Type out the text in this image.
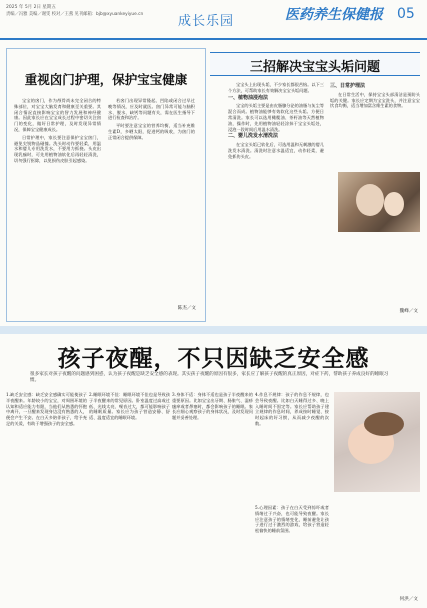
2025 年 5月 2日 星期五
责编／冯雅 美编／谢雯 校对／王燕 见刊邮箱：bjb@xyuankeyiyue.cn	成长乐园	医药养生保健报 05
重视囟门护理，保护宝宝健康

宝宝的囟门，作为颅骨尚未完全闭合的特殊部位，对宝宝大脑发育和健康至关重要。其闭合情况直接影响宝宝的智力发展和神经健康。因此家长应在宝宝成长过程中密切关注囟门的变化，做好日常护理，及时发现异常情况，保障宝宝健康成长。

日常护理中，家长要注意保护宝宝囟门，避免尖锐物品碰撞。洗头时动作要轻柔，用温水和婴儿专用洗发水，不要用力抓挠。头皮出现乳痂时，可先用植物油软化后再轻轻清洗，切勿强行抠除，以免损伤皮肤引起感染。

若囟门出现异常隆起、凹陷或闭合过早过晚等情况，应及时就医。囟门异常可能与脑积水、脱水、缺钙等问题有关，需在医生指导下进行检查和治疗。

平时要注意宝宝的营养均衡，适当补充维生素D，多晒太阳，促进钙的吸收，为囟门的正常闭合提供保障。

陈杰／文
三招解决宝宝头垢问题

宝宝头上出现头垢，不少家长都很苦恼。以下三个方法，可帮助家长有效解决宝宝头垢问题。

一、植物油浸泡法

宝宝的头垢主要是由皮脂腺分泌的油脂与灰尘等混合而成。植物油能够有效软化这些头垢。方便日常清洗。家长可以选用橄榄油、茶籽油等天然植物油，操作时，先用植物油轻轻涂抹于宝宝头垢处，浸泡一段时间后用温水清洗。

二、婴儿洗发水清洗法

在宝宝头垢已软化后，可选用温和无刺激的婴儿洗发水清洗。清洗时注意水温适宜，动作轻柔，避免抓伤头皮。

三、日常护理法

在日常生活中，保持宝宝头部清洁是预防头垢的关键。家长应定期为宝宝洗头，并注意宝宝饮食均衡，适当增加富含维生素的食物。

魏峰／文
孩子夜醒，不只因缺乏安全感
很多家长对孩子夜醒的问题感到困惑，认为孩子夜醒是缺乏安全感的表现。其实孩子夜醒的原因有很多，家长应了解孩子夜醒的真正原因，对症下药，帮助孩子养成良好的睡眠习惯。
1.缺乏安全感：缺乏安全感确实可能使孩子半夜醒来。年龄较小的宝宝，对周围环境的认知和适应能力有限，当他们从熟悉的怀抱中离开，一旦醒来发现身边没有熟悉的人，便会产生不安。在白天多陪伴孩子，给予充足的关爱，有助于增强孩子的安全感。
2.睡眠环境不佳：睡眠环境不佳也是导致孩子半夜醒来的常见原因。卧室温度过高或过低、光线太亮、噪音过大，都可能影响孩子的睡眠质量。家长应为孩子营造安静、舒适、温度适宜的睡眠环境。
3.身体不适：身体不适也是孩子半夜醒来的重要原因。比如宝宝出牙期、肠胀气、湿疹瘙痒或者鼻塞时，都会影响孩子的睡眠。家长应细心观察孩子的身体状况，及时发现问题并妥善处理。
4.作息不规律：孩子的作息不规律，也会导致夜醒。比如白天睡得过多、晚上入睡时间不固定等。家长应帮助孩子建立规律的作息时间，养成按时睡觉、按时起床的好习惯，从而减少夜醒的次数。
5.心理因素：孩子在白天受到惊吓或者情绪过于兴奋，也可能导致夜醒。家长应注意孩子的情绪变化，睡前避免让孩子进行过于激烈的游戏，给孩子营造轻松愉快的睡前氛围。
何洪／文
